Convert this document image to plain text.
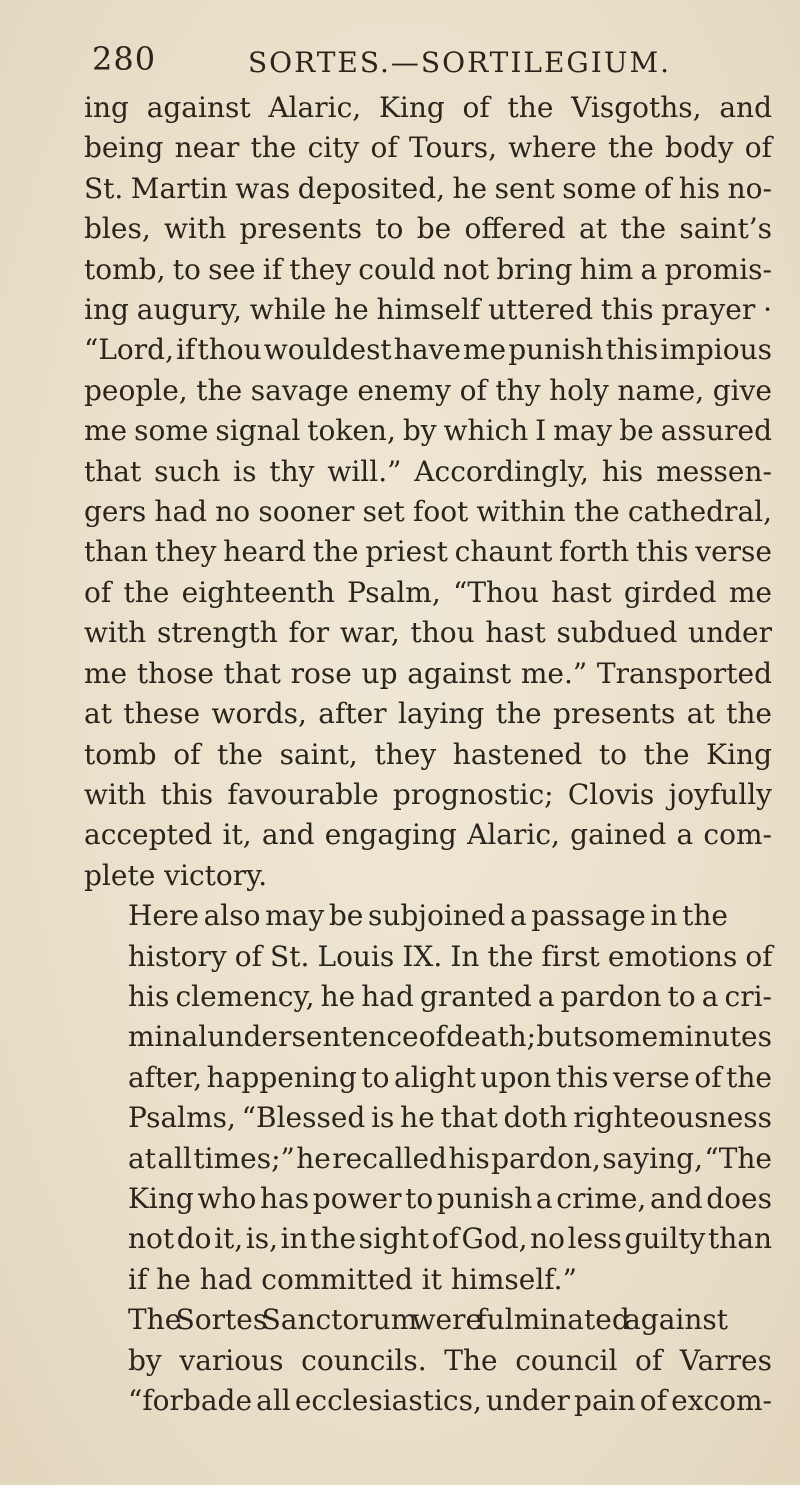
280	SORTES.—SORTILEGIUM.
ing against Alaric, King of the Visgoths, and
being near the city of Tours, where the body of
St. Martin was deposited, he sent some of his no-
bles, with presents to be offered at the saint’s
tomb, to see if they could not bring him a promis-
ing augury, while he himself uttered this prayer ·
“Lord, if thou wouldest have me punish this impious
people, the savage enemy of thy holy name, give
me some signal token, by which I may be assured
that such is thy will.” Accordingly, his messen-
gers had no sooner set foot within the cathedral,
than they heard the priest chaunt forth this verse
of the eighteenth Psalm, “Thou hast girded me
with strength for war, thou hast subdued under
me those that rose up against me.” Transported
at these words, after laying the presents at the
tomb of the saint, they hastened to the King
with this favourable prognostic; Clovis joyfully
accepted it, and engaging Alaric, gained a com-
plete victory.
Here also may be subjoined a passage in the
history of St. Louis IX. In the first emotions of
his clemency, he had granted a pardon to a cri-
minal under sentence of death; but some minutes
after, happening to alight upon this verse of the
Psalms, “Blessed is he that doth righteousness
at all times;” he recalled his pardon, saying, “The
King who has power to punish a crime, and does
not do it, is, in the sight of God, no less guilty than
if he had committed it himself.”
The Sortes Sanctorum were fulminated against
by various councils. The council of Varres
“forbade all ecclesiastics, under pain of excom-
